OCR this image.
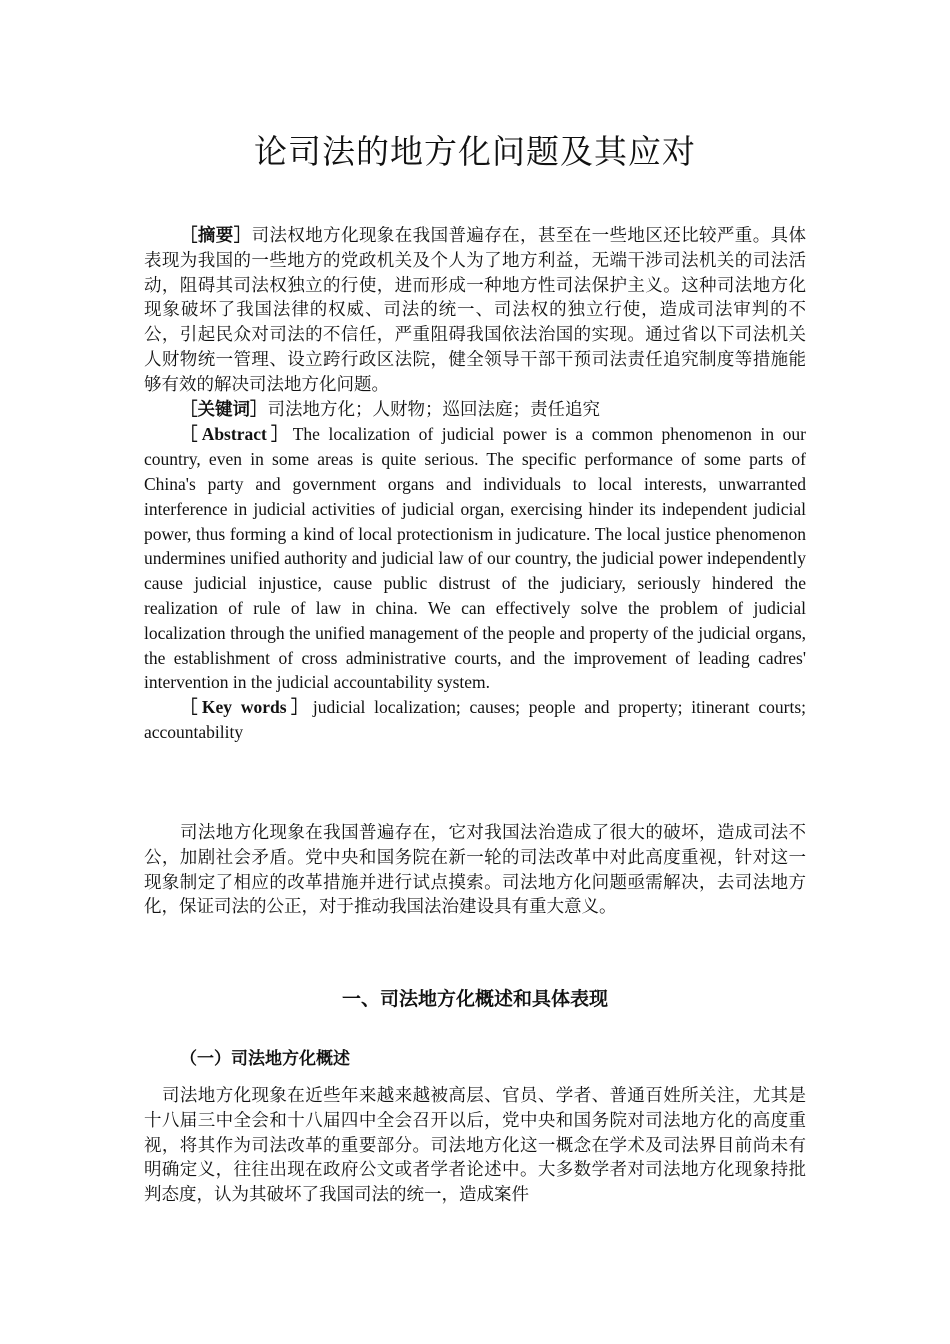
论司法的地方化问题及其应对

［摘要］司法权地方化现象在我国普遍存在，甚至在一些地区还比较严重。具体表现为我国的一些地方的党政机关及个人为了地方利益，无端干涉司法机关的司法活动，阻碍其司法权独立的行使，进而形成一种地方性司法保护主义。这种司法地方化现象破坏了我国法律的权威、司法的统一、司法权的独立行使，造成司法审判的不公，引起民众对司法的不信任，严重阻碍我国依法治国的实现。通过省以下司法机关人财物统一管理、设立跨行政区法院，健全领导干部干预司法责任追究制度等措施能够有效的解决司法地方化问题。

［关键词］司法地方化；人财物；巡回法庭；责任追究

［Abstract］The localization of judicial power is a common phenomenon in our country, even in some areas is quite serious. The specific performance of some parts of China's party and government organs and individuals to local interests, unwarranted interference in judicial activities of judicial organ, exercising hinder its independent judicial power, thus forming a kind of local protectionism in judicature. The local justice phenomenon undermines unified authority and judicial law of our country, the judicial power independently cause judicial injustice, cause public distrust of the judiciary, seriously hindered the realization of rule of law in china. We can effectively solve the problem of judicial localization through the unified management of the people and property of the judicial organs, the establishment of cross administrative courts, and the improvement of leading cadres' intervention in the judicial accountability system.

［Key words］judicial localization; causes; people and property; itinerant courts; accountability

司法地方化现象在我国普遍存在，它对我国法治造成了很大的破坏，造成司法不公，加剧社会矛盾。党中央和国务院在新一轮的司法改革中对此高度重视，针对这一现象制定了相应的改革措施并进行试点摸索。司法地方化问题亟需解决，去司法地方化，保证司法的公正，对于推动我国法治建设具有重大意义。

一、司法地方化概述和具体表现
（一）司法地方化概述

司法地方化现象在近些年来越来越被高层、官员、学者、普通百姓所关注，尤其是十八届三中全会和十八届四中全会召开以后，党中央和国务院对司法地方化的高度重视，将其作为司法改革的重要部分。司法地方化这一概念在学术及司法界目前尚未有明确定义，往往出现在政府公文或者学者论述中。大多数学者对司法地方化现象持批判态度，认为其破坏了我国司法的统一，造成案件
